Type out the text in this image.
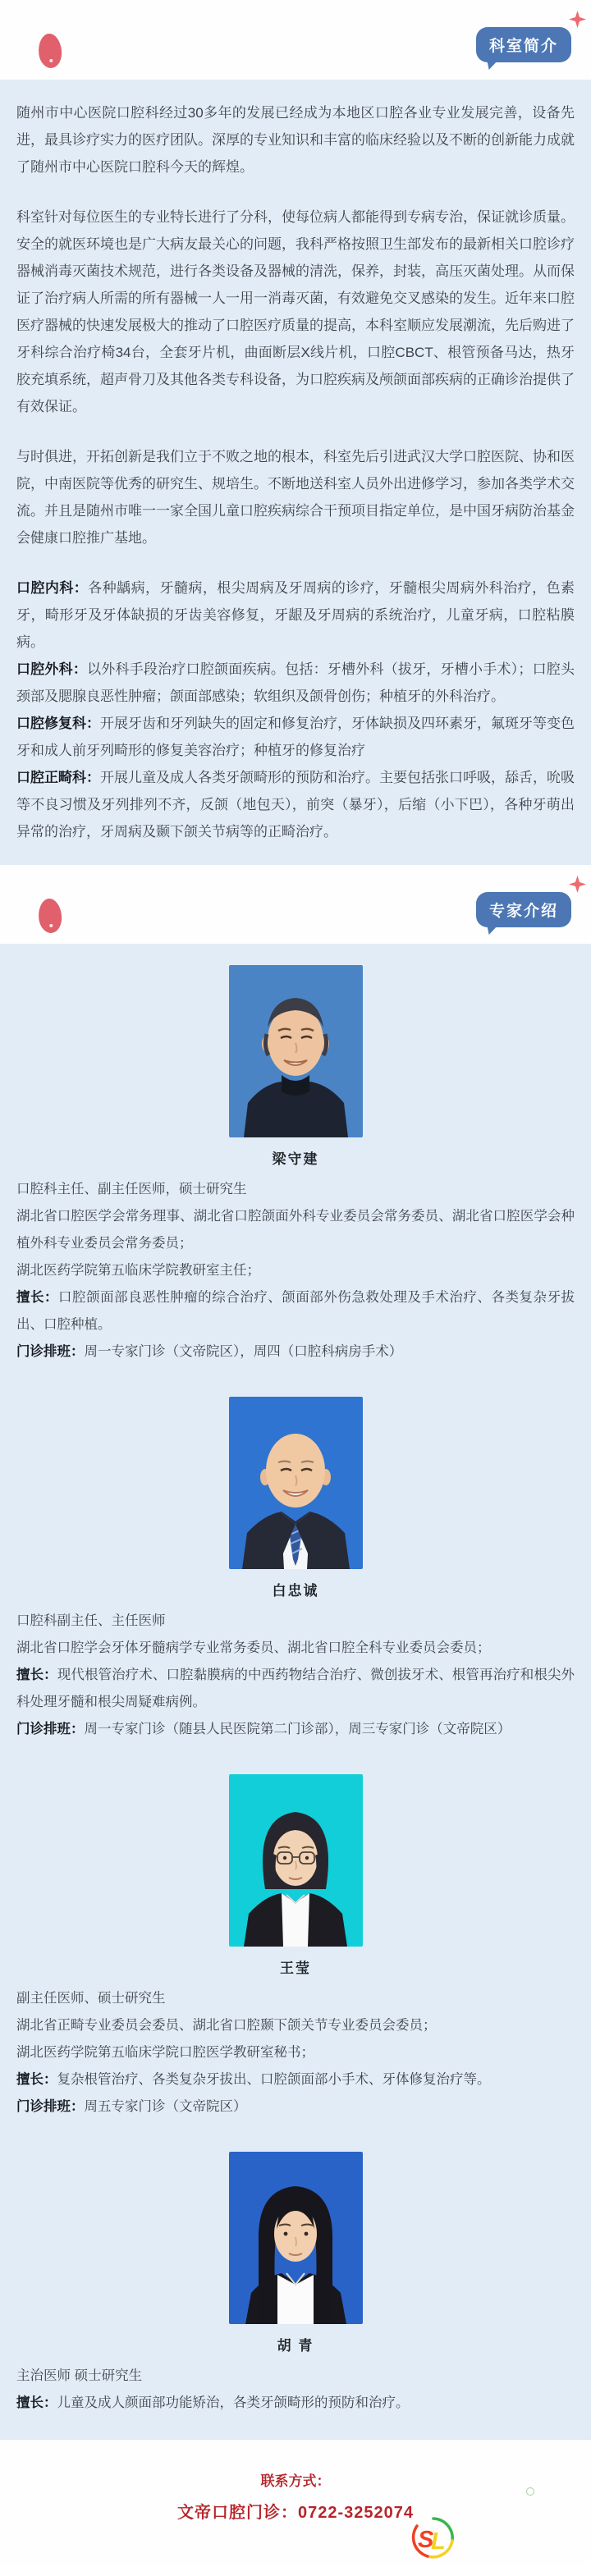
科室简介

随州市中心医院口腔科经过30多年的发展已经成为本地区口腔各业专业发展完善，设备先进，最具诊疗实力的医疗团队。深厚的专业知识和丰富的临床经验以及不断的创新能力成就了随州市中心医院口腔科今天的辉煌。

科室针对每位医生的专业特长进行了分科，使每位病人都能得到专病专治，保证就诊质量。安全的就医环境也是广大病友最关心的问题，我科严格按照卫生部发布的最新相关口腔诊疗器械消毒灭菌技术规范，进行各类设备及器械的清洗，保养，封装，高压灭菌处理。从而保证了治疗病人所需的所有器械一人一用一消毒灭菌，有效避免交叉感染的发生。近年来口腔医疗器械的快速发展极大的推动了口腔医疗质量的提高，本科室顺应发展潮流，先后购进了牙科综合治疗椅34台，全套牙片机，曲面断层X线片机，口腔CBCT、根管预备马达，热牙胶充填系统，超声骨刀及其他各类专科设备，为口腔疾病及颅颌面部疾病的正确诊治提供了有效保证。

与时俱进，开拓创新是我们立于不败之地的根本，科室先后引进武汉大学口腔医院、协和医院，中南医院等优秀的研究生、规培生。不断地送科室人员外出进修学习，参加各类学术交流。并且是随州市唯一一家全国儿童口腔疾病综合干预项目指定单位，是中国牙病防治基金会健康口腔推广基地。

口腔内科：各种龋病，牙髓病，根尖周病及牙周病的诊疗，牙髓根尖周病外科治疗，色素牙，畸形牙及牙体缺损的牙齿美容修复，牙龈及牙周病的系统治疗，儿童牙病，口腔粘膜病。

口腔外科：以外科手段治疗口腔颌面疾病。包括：牙槽外科（拔牙，牙槽小手术）；口腔头颈部及腮腺良恶性肿瘤；颌面部感染；软组织及颌骨创伤；种植牙的外科治疗。

口腔修复科：开展牙齿和牙列缺失的固定和修复治疗，牙体缺损及四环素牙，氟斑牙等变色牙和成人前牙列畸形的修复美容治疗；种植牙的修复治疗

口腔正畸科：开展儿童及成人各类牙颌畸形的预防和治疗。主要包括张口呼吸，舔舌，吮吸等不良习惯及牙列排列不齐，反颌（地包天），前突（暴牙），后缩（小下巴），各种牙萌出异常的治疗，牙周病及颞下颌关节病等的正畸治疗。

专家介绍
梁守建

口腔科主任、副主任医师，硕士研究生

湖北省口腔医学会常务理事、湖北省口腔颌面外科专业委员会常务委员、湖北省口腔医学会种植外科专业委员会常务委员；

湖北医药学院第五临床学院教研室主任；

擅长：口腔颌面部良恶性肿瘤的综合治疗、颌面部外伤急救处理及手术治疗、各类复杂牙拔出、口腔种植。

门诊排班：周一专家门诊（文帝院区），周四（口腔科病房手术）

白忠诚

口腔科副主任、主任医师

湖北省口腔学会牙体牙髓病学专业常务委员、湖北省口腔全科专业委员会委员；

擅长：现代根管治疗术、口腔黏膜病的中西药物结合治疗、微创拔牙术、根管再治疗和根尖外科处理牙髓和根尖周疑难病例。

门诊排班：周一专家门诊（随县人民医院第二门诊部），周三专家门诊（文帝院区）

王莹

副主任医师、硕士研究生

湖北省正畸专业委员会委员、湖北省口腔颞下颌关节专业委员会委员；

湖北医药学院第五临床学院口腔医学教研室秘书；

擅长：复杂根管治疗、各类复杂牙拔出、口腔颌面部小手术、牙体修复治疗等。

门诊排班：周五专家门诊（文帝院区）

胡 青

主治医师 硕士研究生

擅长：儿童及成人颜面部功能矫治，各类牙颌畸形的预防和治疗。

联系方式：

文帝口腔门诊：0722-3252074

S
L
